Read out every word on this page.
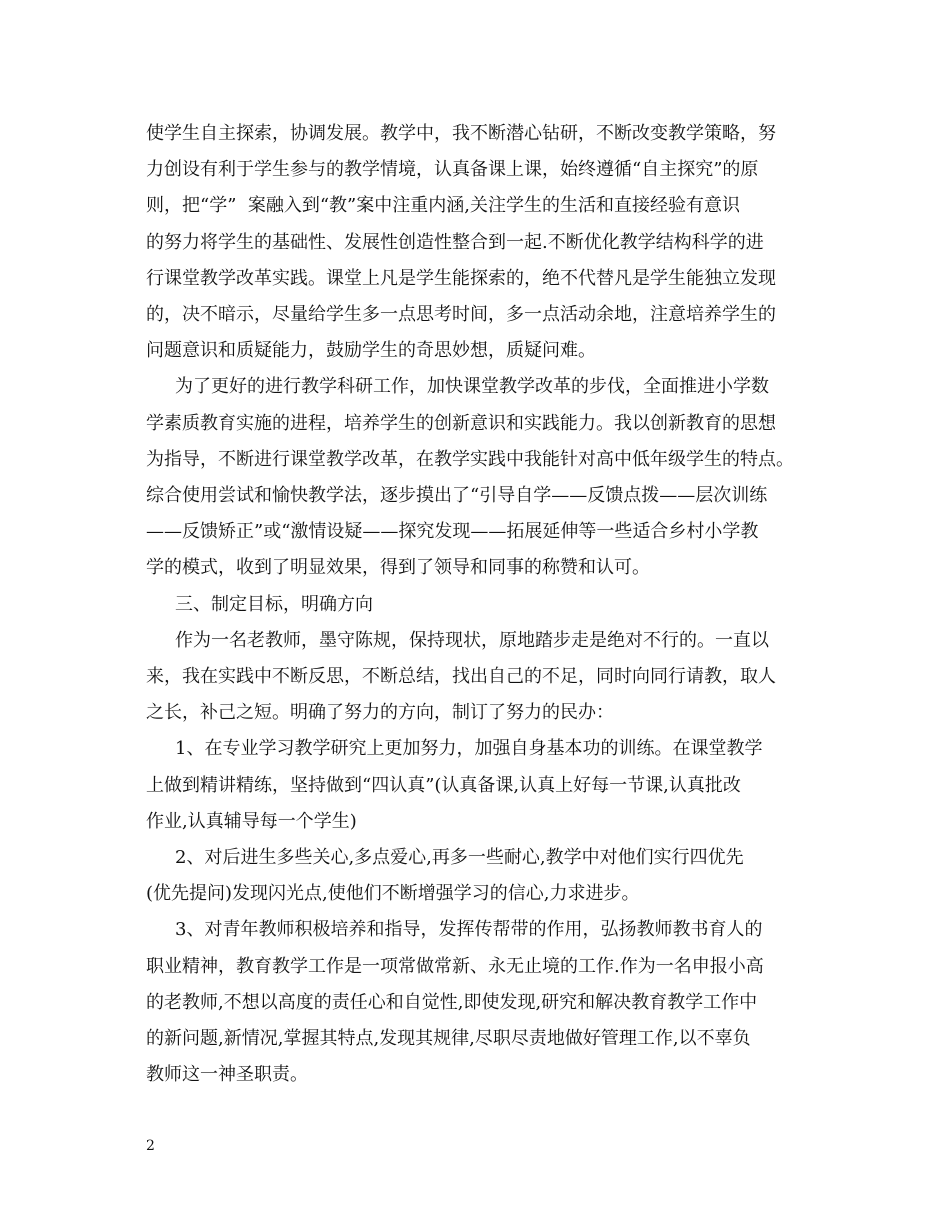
使学生自主探索，协调发展。教学中，我不断潜心钻研，不断改变教学策略，努
力创设有利于学生参与的教学情境，认真备课上课，始终遵循“自主探究”的原
则，把“学”  案融入到“教”案中注重内涵,关注学生的生活和直接经验有意识
的努力将学生的基础性、发展性创造性整合到一起.不断优化教学结构科学的进
行课堂教学改革实践。课堂上凡是学生能探索的，绝不代替凡是学生能独立发现
的，决不暗示，尽量给学生多一点思考时间，多一点活动余地，注意培养学生的
问题意识和质疑能力，鼓励学生的奇思妙想，质疑问难。
为了更好的进行教学科研工作，加快课堂教学改革的步伐，全面推进小学数
学素质教育实施的进程，培养学生的创新意识和实践能力。我以创新教育的思想
为指导，不断进行课堂教学改革，在教学实践中我能针对高中低年级学生的特点。
综合使用尝试和愉快教学法，逐步摸出了“引导自学——反馈点拨——层次训练
——反馈矫正”或“激情设疑——探究发现——拓展延伸等一些适合乡村小学教
学的模式，收到了明显效果，得到了领导和同事的称赞和认可。
三、制定目标，明确方向
作为一名老教师，墨守陈规，保持现状，原地踏步走是绝对不行的。一直以
来，我在实践中不断反思，不断总结，找出自己的不足，同时向同行请教，取人
之长，补己之短。明确了努力的方向，制订了努力的民办：
1、在专业学习教学研究上更加努力，加强自身基本功的训练。在课堂教学
上做到精讲精练，坚持做到“四认真”(认真备课,认真上好每一节课,认真批改
作业,认真辅导每一个学生)
2、对后进生多些关心,多点爱心,再多一些耐心,教学中对他们实行四优先
(优先提问)发现闪光点,使他们不断增强学习的信心,力求进步。
3、对青年教师积极培养和指导，发挥传帮带的作用，弘扬教师教书育人的
职业精神，教育教学工作是一项常做常新、永无止境的工作.作为一名申报小高
的老教师,不想以高度的责任心和自觉性,即使发现,研究和解决教育教学工作中
的新问题,新情况,掌握其特点,发现其规律,尽职尽责地做好管理工作,以不辜负
教师这一神圣职责。

2
